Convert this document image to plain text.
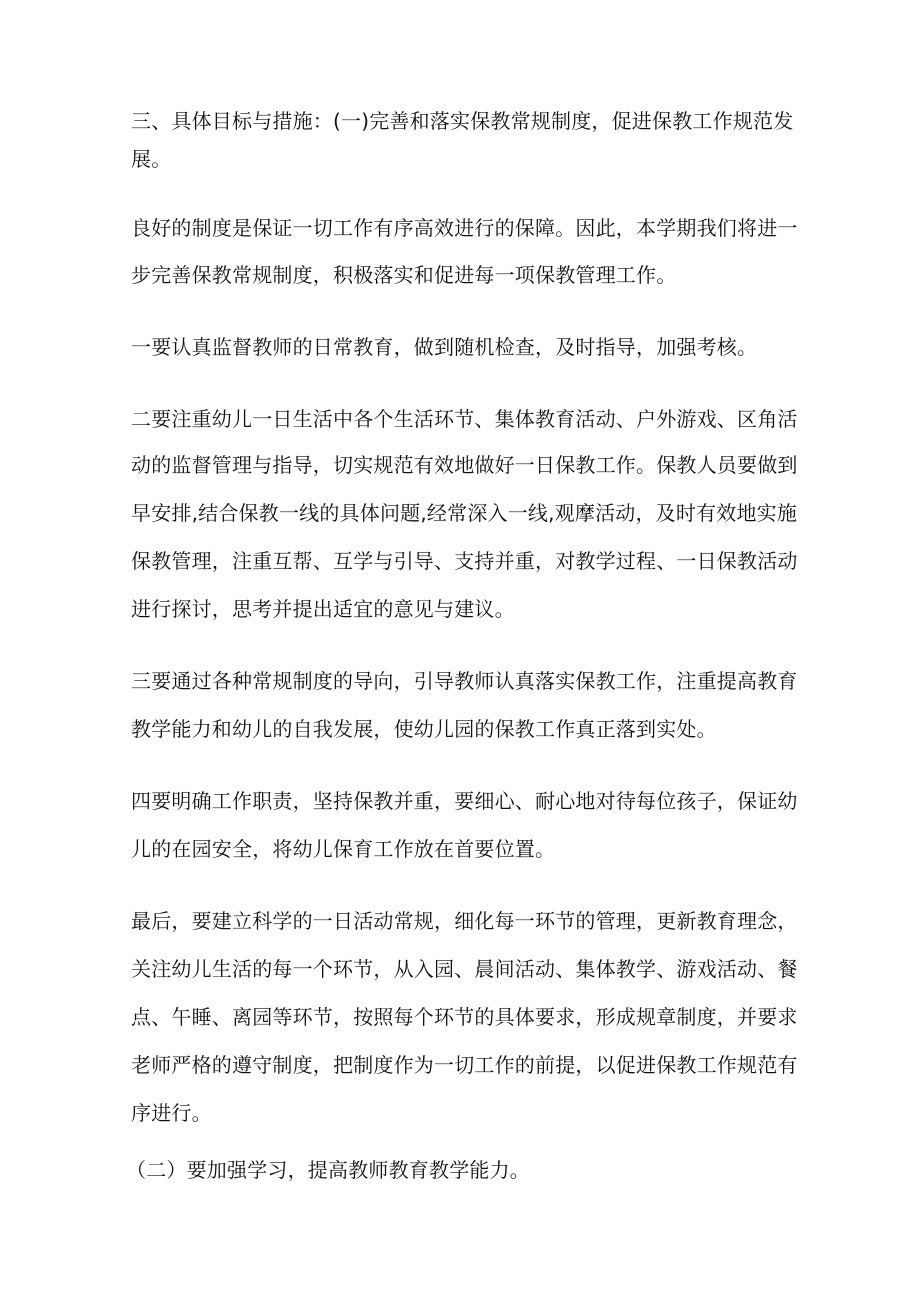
三、具体目标与措施：(一)完善和落实保教常规制度，促进保教工作规范发

展。

良好的制度是保证一切工作有序高效进行的保障。因此，本学期我们将进一

步完善保教常规制度，积极落实和促进每一项保教管理工作。

一要认真监督教师的日常教育，做到随机检查，及时指导，加强考核。

二要注重幼儿一日生活中各个生活环节、集体教育活动、户外游戏、区角活

动的监督管理与指导，切实规范有效地做好一日保教工作。保教人员要做到

早安排,结合保教一线的具体问题,经常深入一线,观摩活动，及时有效地实施

保教管理，注重互帮、互学与引导、支持并重，对教学过程、一日保教活动

进行探讨，思考并提出适宜的意见与建议。

三要通过各种常规制度的导向，引导教师认真落实保教工作，注重提高教育

教学能力和幼儿的自我发展，使幼儿园的保教工作真正落到实处。

四要明确工作职责，坚持保教并重，要细心、耐心地对待每位孩子，保证幼

儿的在园安全，将幼儿保育工作放在首要位置。

最后，要建立科学的一日活动常规，细化每一环节的管理，更新教育理念，

关注幼儿生活的每一个环节，从入园、晨间活动、集体教学、游戏活动、餐

点、午睡、离园等环节，按照每个环节的具体要求，形成规章制度，并要求

老师严格的遵守制度，把制度作为一切工作的前提，以促进保教工作规范有

序进行。

（二）要加强学习，提高教师教育教学能力。
